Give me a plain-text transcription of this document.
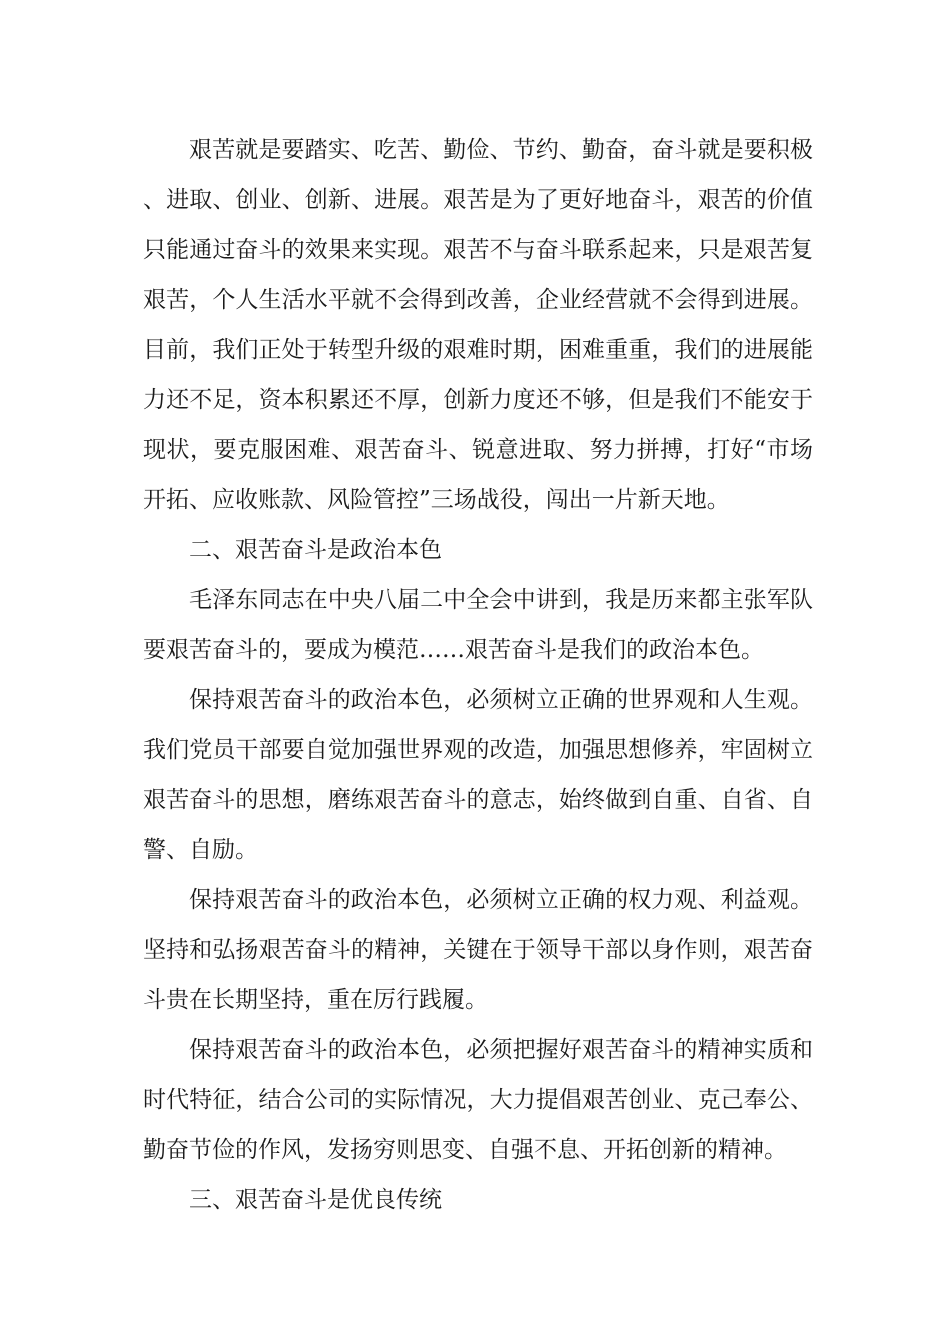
艰苦就是要踏实、吃苦、勤俭、节约、勤奋，奋斗就是要积极、进取、创业、创新、进展。艰苦是为了更好地奋斗，艰苦的价值只能通过奋斗的效果来实现。艰苦不与奋斗联系起来，只是艰苦复艰苦，个人生活水平就不会得到改善，企业经营就不会得到进展。目前，我们正处于转型升级的艰难时期，困难重重，我们的进展能力还不足，资本积累还不厚，创新力度还不够，但是我们不能安于现状，要克服困难、艰苦奋斗、锐意进取、努力拼搏，打好“市场开拓、应收账款、风险管控”三场战役，闯出一片新天地。

二、艰苦奋斗是政治本色

毛泽东同志在中央八届二中全会中讲到，我是历来都主张军队要艰苦奋斗的，要成为模范……艰苦奋斗是我们的政治本色。

保持艰苦奋斗的政治本色，必须树立正确的世界观和人生观。我们党员干部要自觉加强世界观的改造，加强思想修养，牢固树立艰苦奋斗的思想，磨练艰苦奋斗的意志，始终做到自重、自省、自警、自励。

保持艰苦奋斗的政治本色，必须树立正确的权力观、利益观。坚持和弘扬艰苦奋斗的精神，关键在于领导干部以身作则，艰苦奋斗贵在长期坚持，重在厉行践履。

保持艰苦奋斗的政治本色，必须把握好艰苦奋斗的精神实质和时代特征，结合公司的实际情况，大力提倡艰苦创业、克己奉公、勤奋节俭的作风，发扬穷则思变、自强不息、开拓创新的精神。

三、艰苦奋斗是优良传统
